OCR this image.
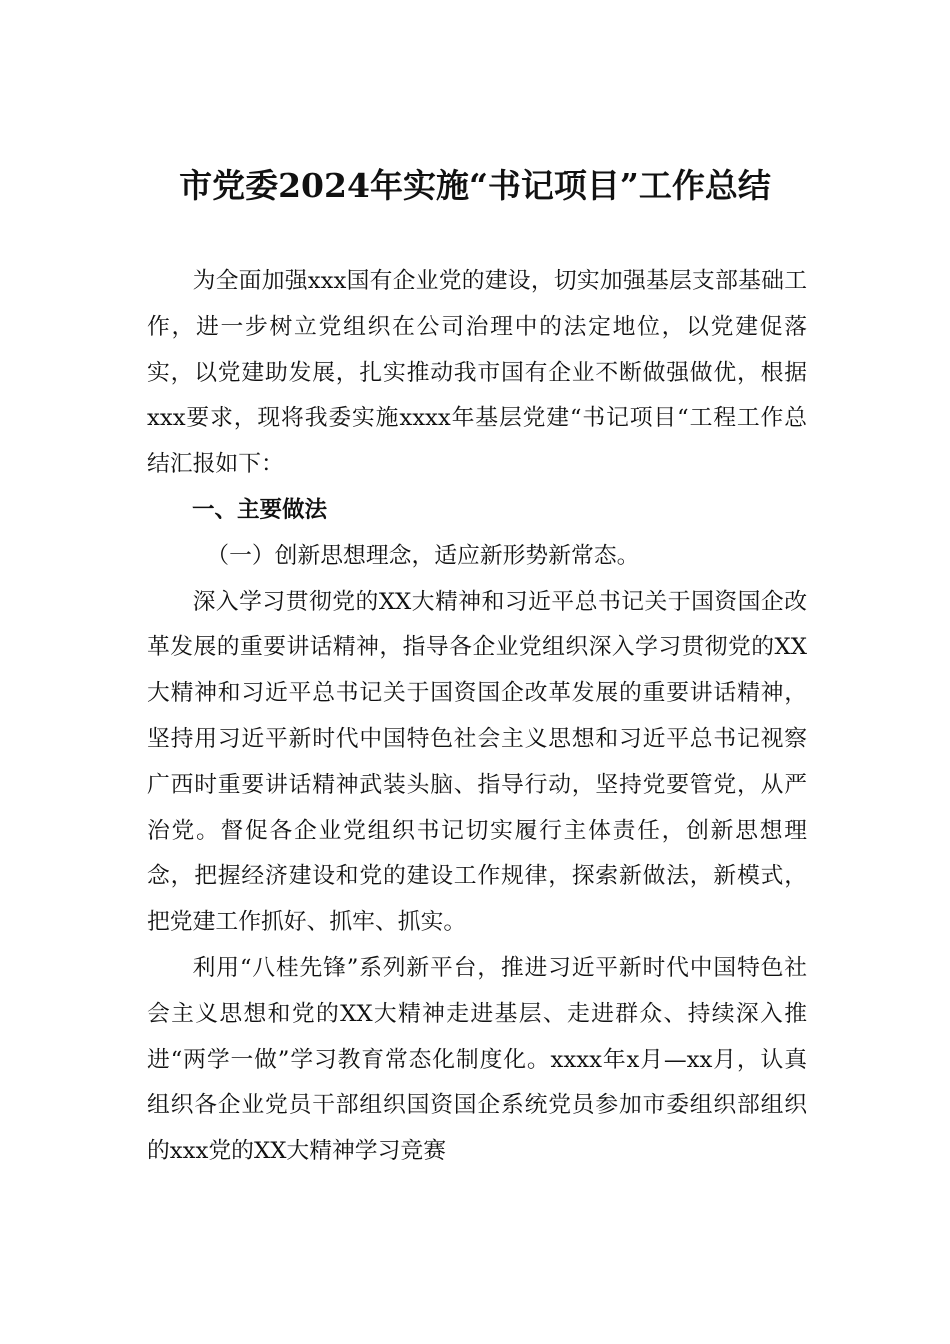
市党委2024年实施“书记项目”工作总结

为全面加强xxx国有企业党的建设，切实加强基层支部基础工作，进一步树立党组织在公司治理中的法定地位，以党建促落实，以党建助发展，扎实推动我市国有企业不断做强做优，根据xxx要求，现将我委实施xxxx年基层党建“书记项目“工程工作总结汇报如下：

一、主要做法

（一）创新思想理念，适应新形势新常态。

深入学习贯彻党的XX大精神和习近平总书记关于国资国企改革发展的重要讲话精神，指导各企业党组织深入学习贯彻党的XX大精神和习近平总书记关于国资国企改革发展的重要讲话精神，坚持用习近平新时代中国特色社会主义思想和习近平总书记视察广西时重要讲话精神武装头脑、指导行动，坚持党要管党，从严治党。督促各企业党组织书记切实履行主体责任，创新思想理念，把握经济建设和党的建设工作规律，探索新做法，新模式，把党建工作抓好、抓牢、抓实。

利用“八桂先锋”系列新平台，推进习近平新时代中国特色社会主义思想和党的XX大精神走进基层、走进群众、持续深入推进“两学一做”学习教育常态化制度化。xxxx年x月—xx月，认真组织各企业党员干部组织国资国企系统党员参加市委组织部组织的xxx党的XX大精神学习竞赛
